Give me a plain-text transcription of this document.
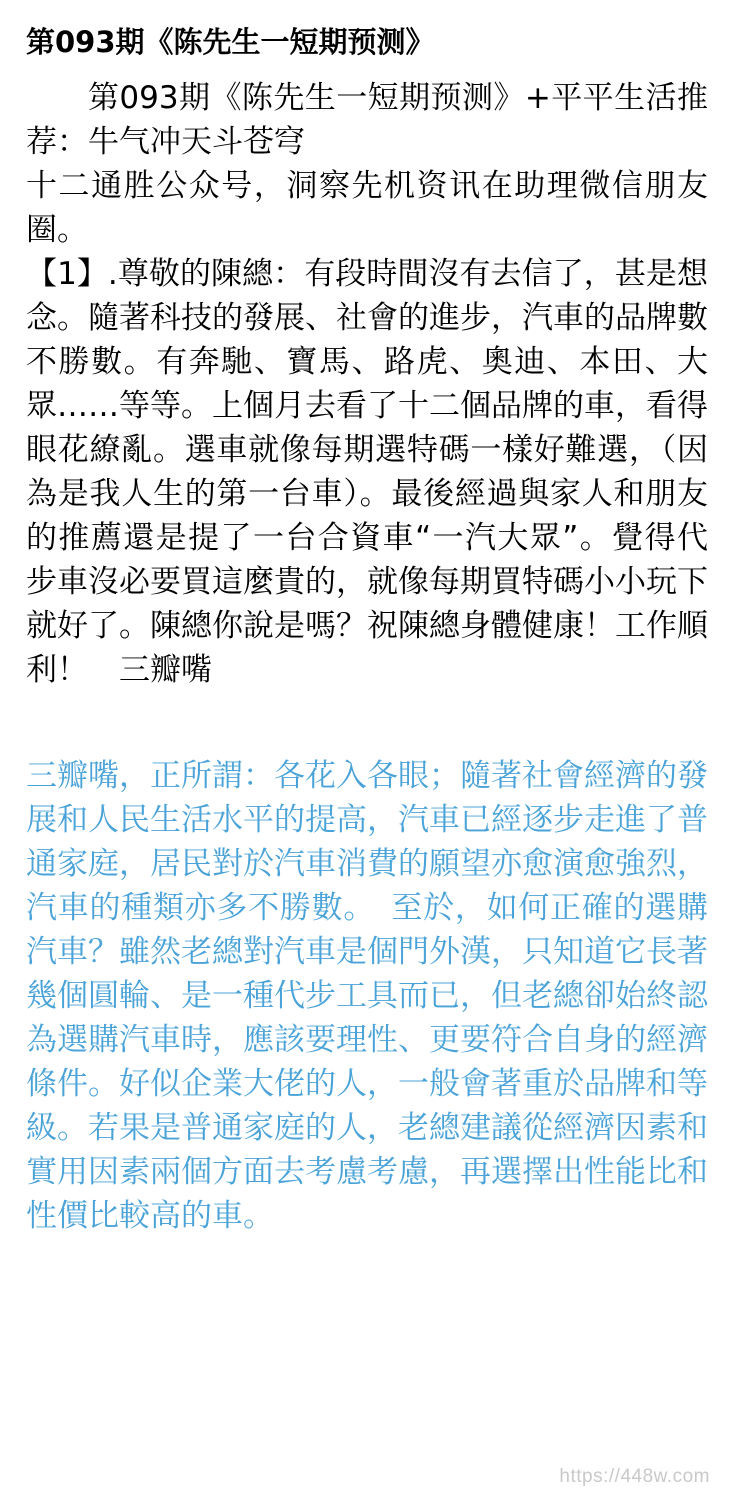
第093期《陈先生一短期预测》

第093期《陈先生一短期预测》+平平生活推荐：牛气冲天斗苍穹

十二通胜公众号，洞察先机资讯在助理微信朋友圈。

【1】.尊敬的陳總：有段時間沒有去信了，甚是想念。隨著科技的發展、社會的進步，汽車的品牌數不勝數。有奔馳、寶馬、路虎、奧迪、本田、大眾……等等。上個月去看了十二個品牌的車，看得眼花繚亂。選車就像每期選特碼一樣好難選，（因為是我人生的第一台車）。最後經過與家人和朋友的推薦還是提了一台合資車“一汽大眾”。覺得代步車沒必要買這麼貴的，就像每期買特碼小小玩下就好了。陳總你說是嗎？祝陳總身體健康！工作順利！　三瓣嘴

三瓣嘴，正所謂：各花入各眼；隨著社會經濟的發展和人民生活水平的提高，汽車已經逐步走進了普通家庭，居民對於汽車消費的願望亦愈演愈強烈，汽車的種類亦多不勝數。　至於，如何正確的選購汽車？雖然老總對汽車是個門外漢，只知道它長著幾個圓輪、是一種代步工具而已，但老總卻始終認為選購汽車時，應該要理性、更要符合自身的經濟條件。好似企業大佬的人，一般會著重於品牌和等級。若果是普通家庭的人，老總建議從經濟因素和實用因素兩個方面去考慮考慮，再選擇出性能比和性價比較高的車。

https://448w.com
